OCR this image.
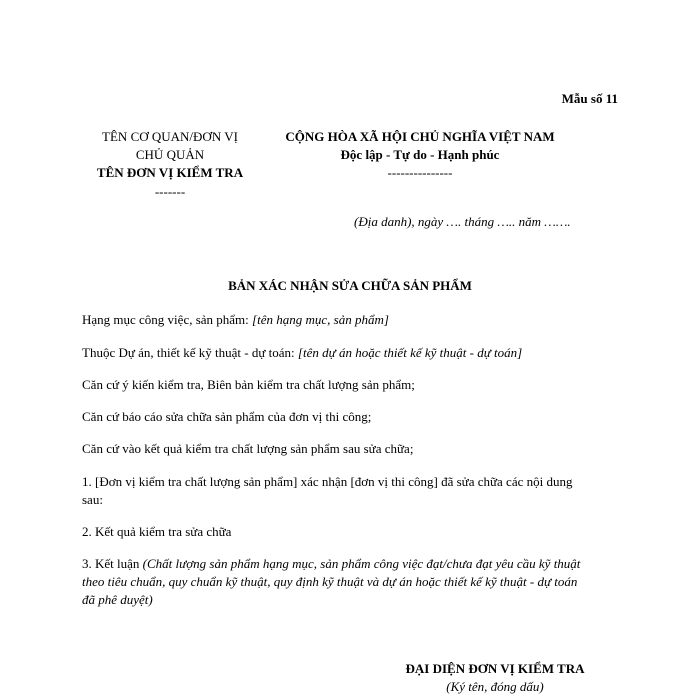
Mẫu số 11
TÊN CƠ QUAN/ĐƠN VỊ
CHỦ QUẢN
TÊN ĐƠN VỊ KIỂM TRA
-------
CỘNG HÒA XÃ HỘI CHỦ NGHĨA VIỆT NAM
Độc lập - Tự do - Hạnh phúc
---------------
(Địa danh), ngày …. tháng ….. năm …….
BẢN XÁC NHẬN SỬA CHỮA SẢN PHẨM
Hạng mục công việc, sản phẩm: [tên hạng mục, sản phẩm]
Thuộc Dự án, thiết kế kỹ thuật - dự toán: [tên dự án hoặc thiết kế kỹ thuật - dự toán]
Căn cứ ý kiến kiểm tra, Biên bản kiểm tra chất lượng sản phẩm;
Căn cứ báo cáo sửa chữa sản phẩm của đơn vị thi công;
Căn cứ vào kết quả kiểm tra chất lượng sản phẩm sau sửa chữa;
1. [Đơn vị kiểm tra chất lượng sản phẩm] xác nhận [đơn vị thi công] đã sửa chữa các nội dung
sau:
2. Kết quả kiểm tra sửa chữa
3. Kết luận (Chất lượng sản phẩm hạng mục, sản phẩm công việc đạt/chưa đạt yêu cầu kỹ thuật
theo tiêu chuẩn, quy chuẩn kỹ thuật, quy định kỹ thuật và dự án hoặc thiết kế kỹ thuật - dự toán
đã phê duyệt)
ĐẠI DIỆN ĐƠN VỊ KIỂM TRA
(Ký tên, đóng dấu)
